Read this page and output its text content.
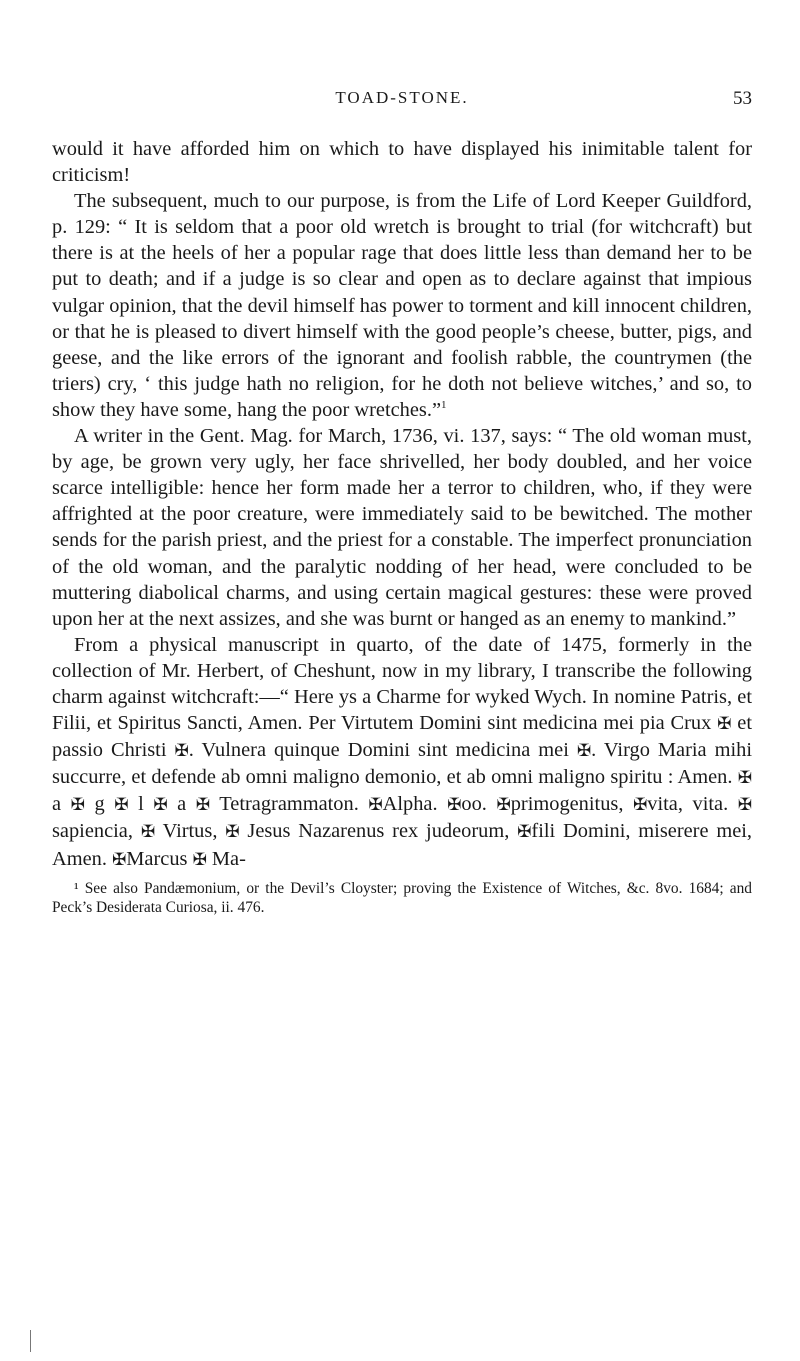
TOAD-STONE.	53

would it have afforded him on which to have displayed his inimitable talent for criticism!

The subsequent, much to our purpose, is from the Life of Lord Keeper Guildford, p. 129: “ It is seldom that a poor old wretch is brought to trial (for witchcraft) but there is at the heels of her a popular rage that does little less than demand her to be put to death; and if a judge is so clear and open as to declare against that impious vulgar opinion, that the devil himself has power to torment and kill innocent children, or that he is pleased to divert himself with the good people’s cheese, butter, pigs, and geese, and the like errors of the ignorant and foolish rabble, the countrymen (the triers) cry, ‘ this judge hath no religion, for he doth not believe witches,’ and so, to show they have some, hang the poor wretches.”$^1$

A writer in the Gent. Mag. for March, 1736, vi. 137, says: “ The old woman must, by age, be grown very ugly, her face shrivelled, her body doubled, and her voice scarce intelligible: hence her form made her a terror to children, who, if they were affrighted at the poor creature, were immediately said to be bewitched. The mother sends for the parish priest, and the priest for a constable. The imperfect pronunciation of the old woman, and the paralytic nodding of her head, were concluded to be muttering diabolical charms, and using certain magical gestures: these were proved upon her at the next assizes, and she was burnt or hanged as an enemy to mankind.”

From a physical manuscript in quarto, of the date of 1475, formerly in the collection of Mr. Herbert, of Cheshunt, now in my library, I transcribe the following charm against witchcraft:—“ Here ys a Charme for wyked Wych. In nomine Patris, et Filii, et Spiritus Sancti, Amen. Per Virtutem Domini sint medicina mei pia Crux ✠ et passio Christi ✠. Vulnera quinque Domini sint medicina mei ✠. Virgo Maria mihi succurre, et defende ab omni maligno demonio, et ab omni maligno spiritu : Amen. ✠ a ✠ g ✠ l ✠ a ✠ Tetragrammaton. ✠Alpha. ✠oo. ✠primogenitus, ✠vita, vita. ✠ sapiencia, ✠ Virtus, ✠ Jesus Nazarenus rex judeorum, ✠fili Domini, miserere mei, Amen. ✠Marcus ✠ Ma-

¹ See also Pandæmonium, or the Devil’s Cloyster; proving the Existence of Witches, &c. 8vo. 1684; and Peck’s Desiderata Curiosa, ii. 476.
